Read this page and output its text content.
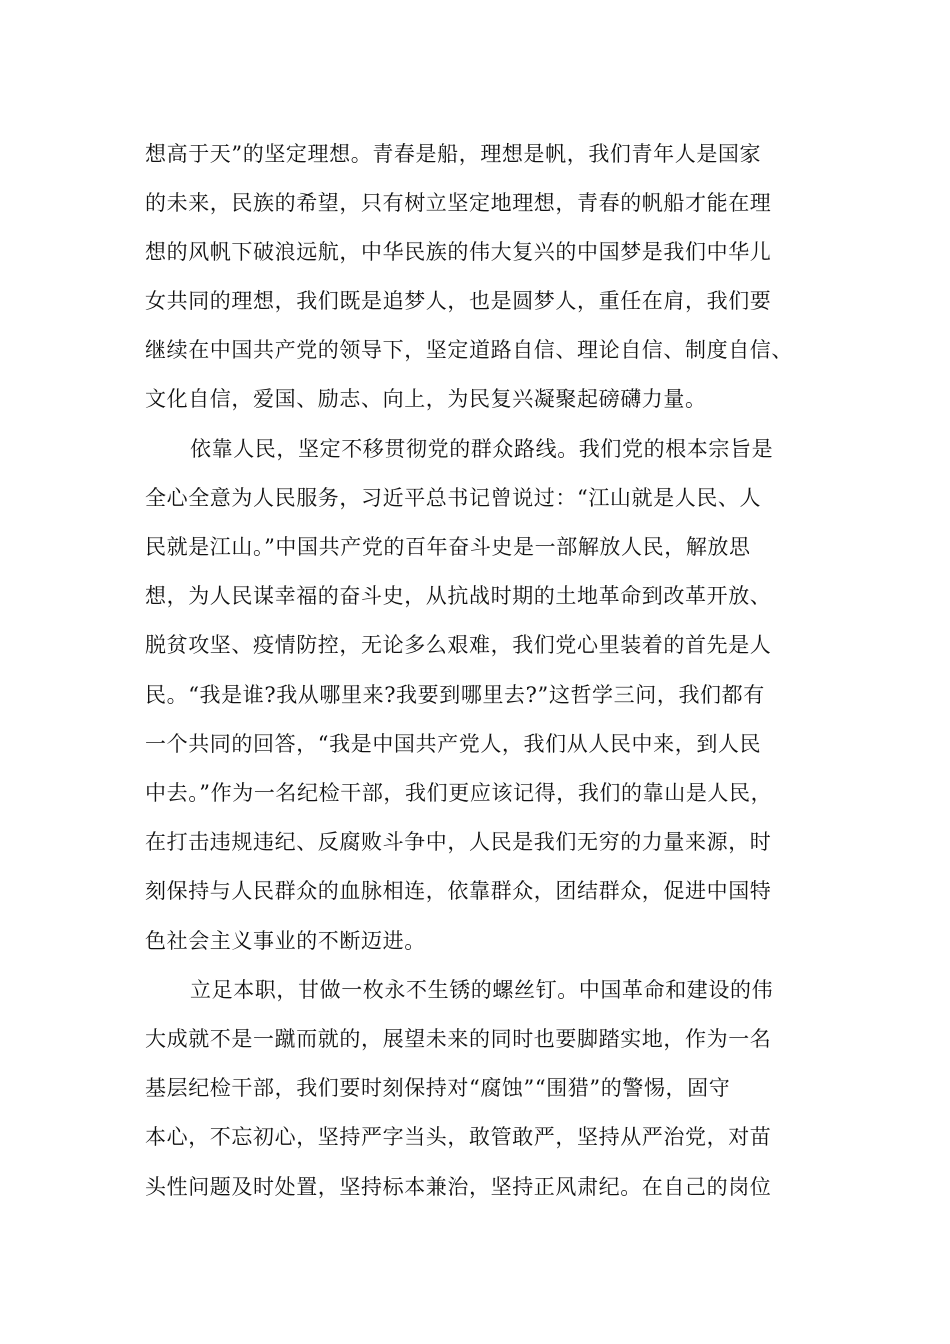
想高于天”的坚定理想。青春是船，理想是帆，我们青年人是国家
的未来，民族的希望，只有树立坚定地理想，青春的帆船才能在理
想的风帆下破浪远航，中华民族的伟大复兴的中国梦是我们中华儿
女共同的理想，我们既是追梦人，也是圆梦人，重任在肩，我们要
继续在中国共产党的领导下，坚定道路自信、理论自信、制度自信、
文化自信，爱国、励志、向上，为民复兴凝聚起磅礴力量。
依靠人民，坚定不移贯彻党的群众路线。我们党的根本宗旨是
全心全意为人民服务，习近平总书记曾说过：“江山就是人民、人
民就是江山。”中国共产党的百年奋斗史是一部解放人民，解放思
想，为人民谋幸福的奋斗史，从抗战时期的土地革命到改革开放、
脱贫攻坚、疫情防控，无论多么艰难，我们党心里装着的首先是人
民。“我是谁?我从哪里来?我要到哪里去?”这哲学三问，我们都有
一个共同的回答，“我是中国共产党人，我们从人民中来，到人民
中去。”作为一名纪检干部，我们更应该记得，我们的靠山是人民，
在打击违规违纪、反腐败斗争中，人民是我们无穷的力量来源，时
刻保持与人民群众的血脉相连，依靠群众，团结群众，促进中国特
色社会主义事业的不断迈进。
立足本职，甘做一枚永不生锈的螺丝钉。中国革命和建设的伟
大成就不是一蹴而就的，展望未来的同时也要脚踏实地，作为一名
基层纪检干部，我们要时刻保持对“腐蚀”“围猎”的警惕，固守
本心，不忘初心，坚持严字当头，敢管敢严，坚持从严治党，对苗
头性问题及时处置，坚持标本兼治，坚持正风肃纪。在自己的岗位
